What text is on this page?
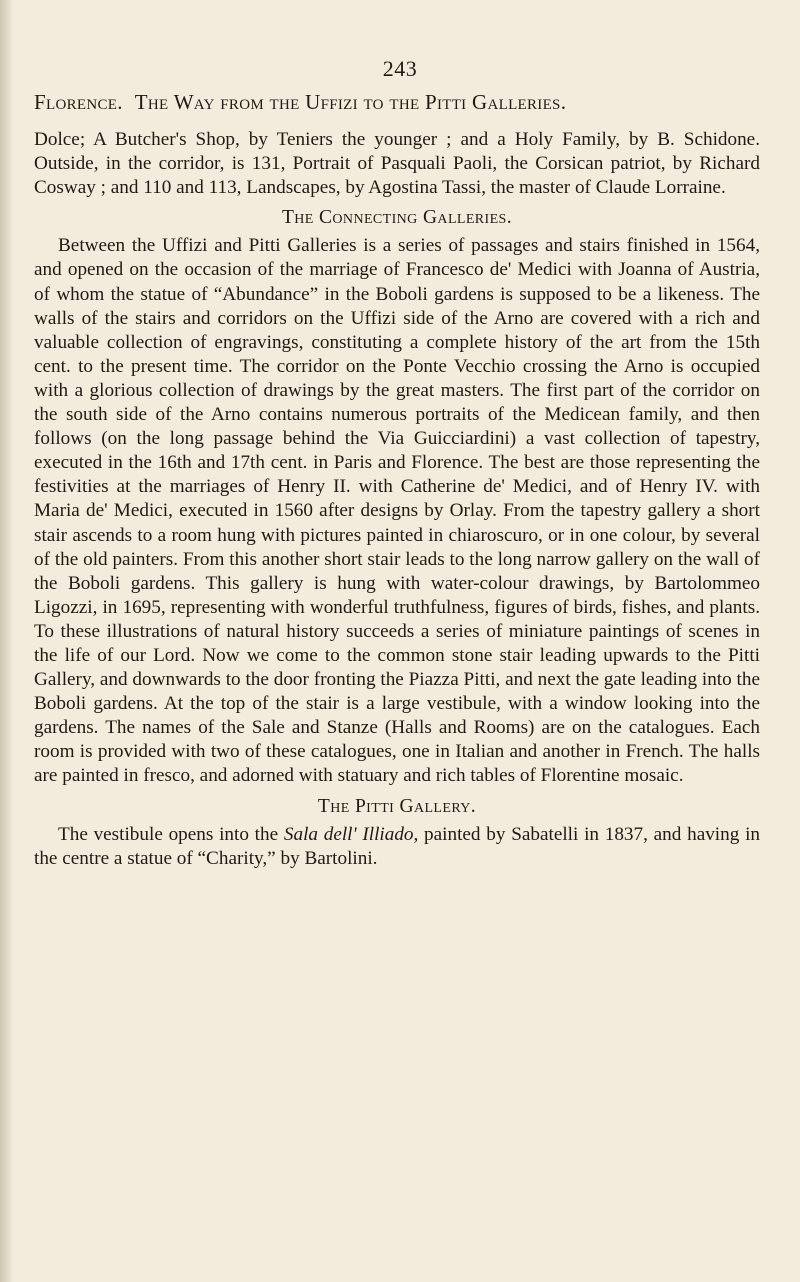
243
Florence. The Way from the Uffizi to the Pitti Galleries.

Dolce; A Butcher's Shop, by Teniers the younger ; and a Holy Family, by B. Schidone. Outside, in the corridor, is 131, Portrait of Pasquali Paoli, the Corsican patriot, by Richard Cosway ; and 110 and 113, Landscapes, by Agostina Tassi, the master of Claude Lorraine.

The Connecting Galleries.

Between the Uffizi and Pitti Galleries is a series of passages and stairs finished in 1564, and opened on the occasion of the marriage of Francesco de' Medici with Joanna of Austria, of whom the statue of “Abundance” in the Boboli gardens is supposed to be a likeness. The walls of the stairs and corridors on the Uffizi side of the Arno are covered with a rich and valuable collection of engravings, constituting a complete history of the art from the 15th cent. to the present time. The corridor on the Ponte Vecchio crossing the Arno is occupied with a glorious collection of drawings by the great masters. The first part of the corridor on the south side of the Arno contains numerous portraits of the Medicean family, and then follows (on the long passage behind the Via Guicciardini) a vast collection of tapestry, executed in the 16th and 17th cent. in Paris and Florence. The best are those representing the festivities at the marriages of Henry II. with Catherine de' Medici, and of Henry IV. with Maria de' Medici, executed in 1560 after designs by Orlay. From the tapestry gallery a short stair ascends to a room hung with pictures painted in chiaroscuro, or in one colour, by several of the old painters. From this another short stair leads to the long narrow gallery on the wall of the Boboli gardens. This gallery is hung with water-colour drawings, by Bartolommeo Ligozzi, in 1695, representing with wonderful truthfulness, figures of birds, fishes, and plants. To these illustrations of natural history succeeds a series of miniature paintings of scenes in the life of our Lord. Now we come to the common stone stair leading upwards to the Pitti Gallery, and downwards to the door fronting the Piazza Pitti, and next the gate leading into the Boboli gardens. At the top of the stair is a large vestibule, with a window looking into the gardens. The names of the Sale and Stanze (Halls and Rooms) are on the catalogues. Each room is provided with two of these catalogues, one in Italian and another in French. The halls are painted in fresco, and adorned with statuary and rich tables of Florentine mosaic.

The Pitti Gallery.

The vestibule opens into the Sala dell' Illiado, painted by Sabatelli in 1837, and having in the centre a statue of “Charity,” by Bartolini.
